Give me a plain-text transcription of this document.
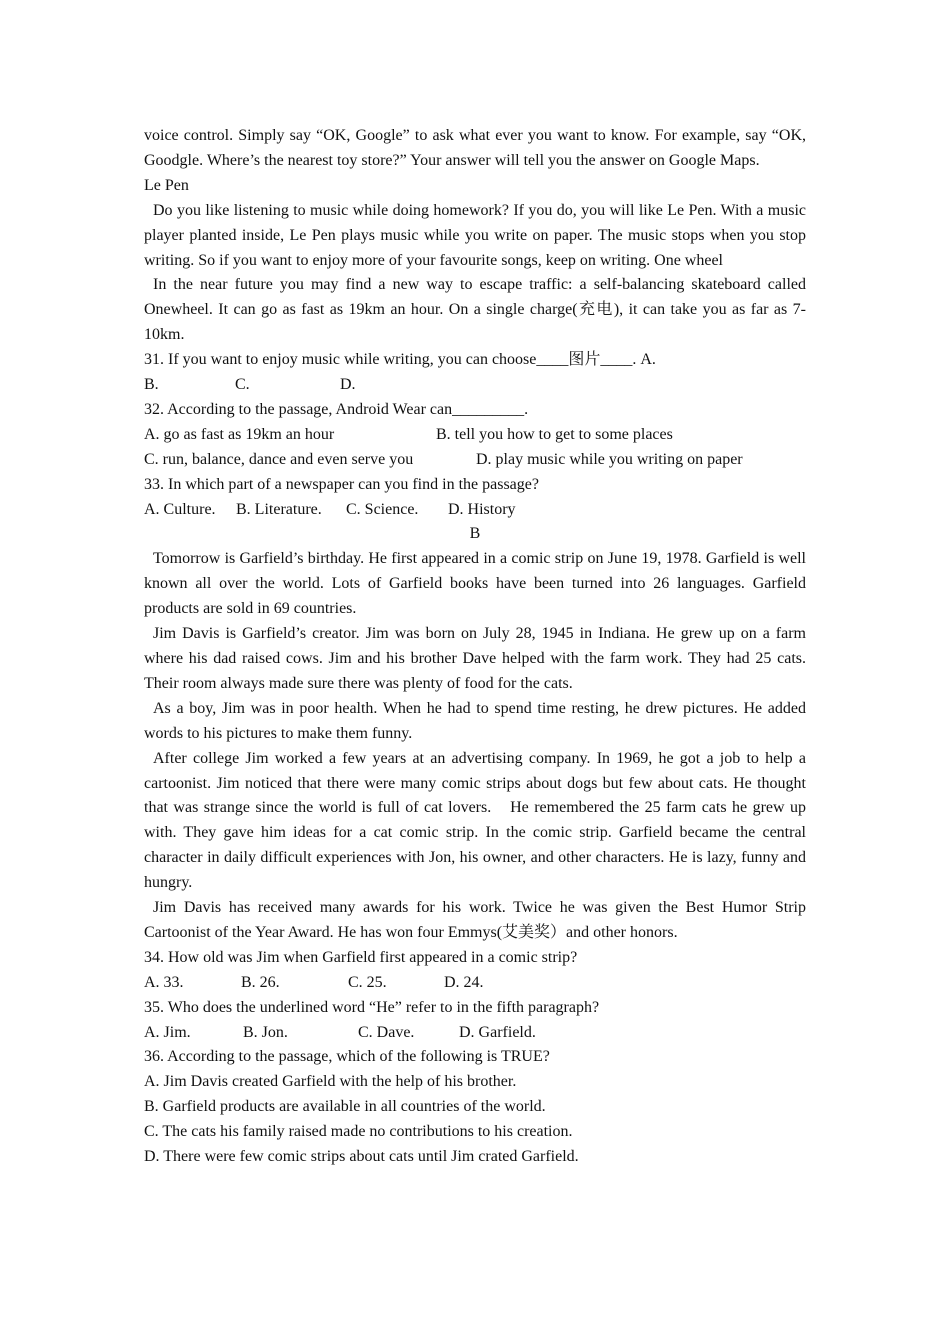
voice control. Simply say “OK, Google” to ask what ever you want to know. For example, say “OK, Goodgle. Where’s the nearest toy store?” Your answer will tell you the answer on Google Maps.

Le Pen

Do you like listening to music while doing homework? If you do, you will like Le Pen. With a music player planted inside, Le Pen plays music while you write on paper. The music stops when you stop writing. So if you want to enjoy more of your favourite songs, keep on writing. One wheel

In the near future you may find a new way to escape traffic: a self-balancing skateboard called Onewheel. It can go as fast as 19km an hour. On a single charge(充电), it can take you as far as 7-10km.

31. If you want to enjoy music while writing, you can choose____图片____. A.

B.	C.	D.

32. According to the passage, Android Wear can_________.

A. go as fast as 19km an hour	B. tell you how to get to some places
C. run, balance, dance and even serve you	D. play music while you writing on paper

33. In which part of a newspaper can you find in the passage?

A. Culture. B. Literature. C. Science. D. History

B

Tomorrow is Garfield’s birthday. He first appeared in a comic strip on June 19, 1978. Garfield is well known all over the world. Lots of Garfield books have been turned into 26 languages. Garfield products are sold in 69 countries.

Jim Davis is Garfield’s creator. Jim was born on July 28, 1945 in Indiana. He grew up on a farm where his dad raised cows. Jim and his brother Dave helped with the farm work. They had 25 cats. Their room always made sure there was plenty of food for the cats.

As a boy, Jim was in poor health. When he had to spend time resting, he drew pictures. He added words to his pictures to make them funny.

After college Jim worked a few years at an advertising company. In 1969, he got a job to help a cartoonist. Jim noticed that there were many comic strips about dogs but few about cats. He thought that was strange since the world is full of cat lovers.　He remembered the 25 farm cats he grew up with. They gave him ideas for a cat comic strip. In the comic strip. Garfield became the central character in daily difficult experiences with Jon, his owner, and other characters. He is lazy, funny and hungry.

Jim Davis has received many awards for his work. Twice he was given the Best Humor Strip Cartoonist of the Year Award. He has won four Emmys(艾美奖）and other honors.

34. How old was Jim when Garfield first appeared in a comic strip?

A. 33.	B. 26.	C. 25.	D. 24.

35. Who does the underlined word “He” refer to in the fifth paragraph?

A. Jim.	B. Jon.	C. Dave.	D. Garfield.

36. According to the passage, which of the following is TRUE?

A. Jim Davis created Garfield with the help of his brother.

B. Garfield products are available in all countries of the world.

C. The cats his family raised made no contributions to his creation.

D. There were few comic strips about cats until Jim crated Garfield.
